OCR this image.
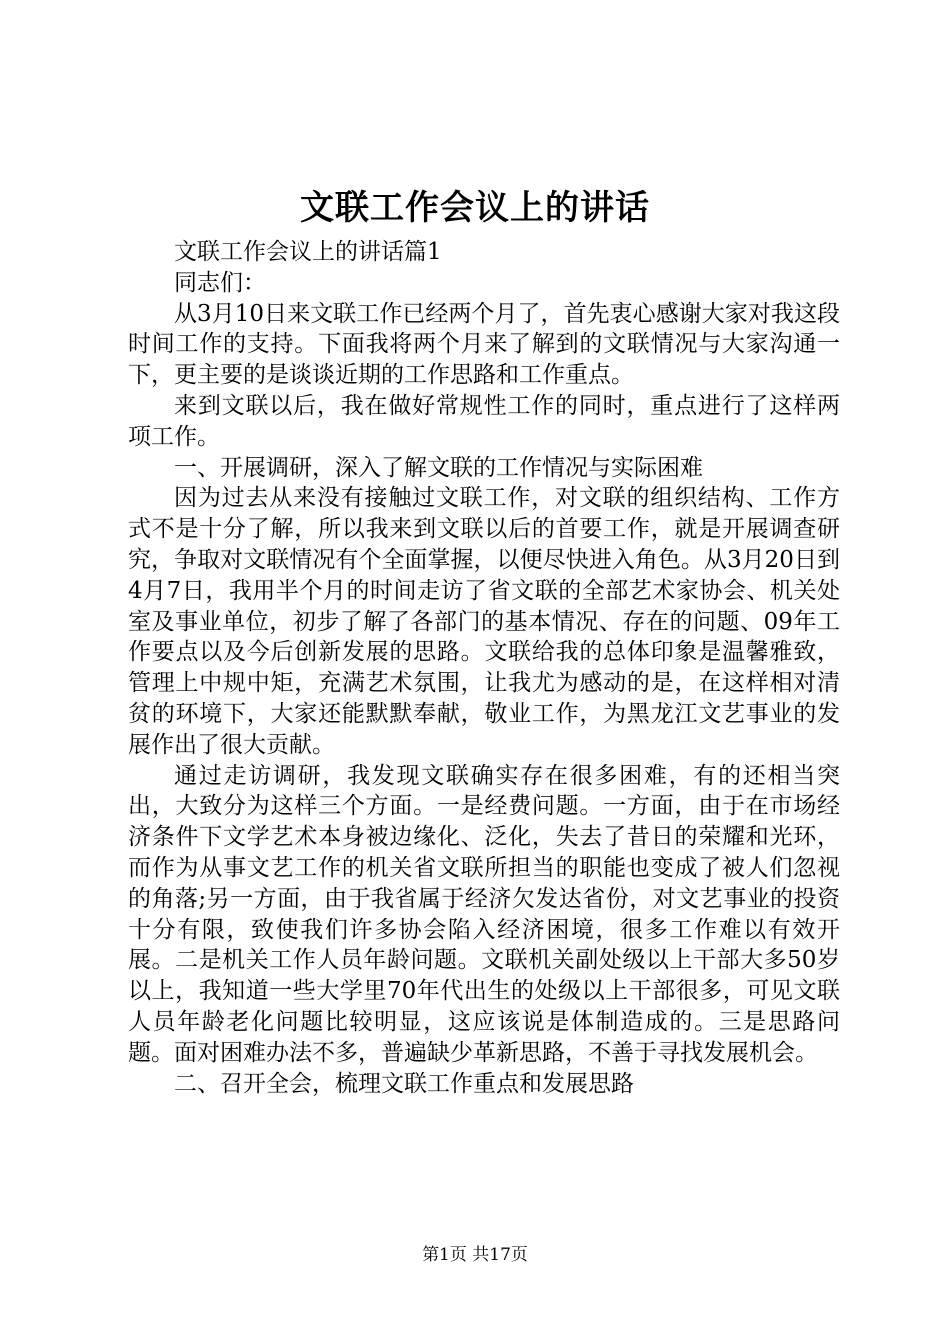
文联工作会议上的讲话

文联工作会议上的讲话篇1

同志们：

从3月10日来文联工作已经两个月了，首先衷心感谢大家对我这段时间工作的支持。下面我将两个月来了解到的文联情况与大家沟通一下，更主要的是谈谈近期的工作思路和工作重点。

来到文联以后，我在做好常规性工作的同时，重点进行了这样两项工作。

一、开展调研，深入了解文联的工作情况与实际困难

因为过去从来没有接触过文联工作，对文联的组织结构、工作方式不是十分了解，所以我来到文联以后的首要工作，就是开展调查研究，争取对文联情况有个全面掌握，以便尽快进入角色。从3月20日到4月7日，我用半个月的时间走访了省文联的全部艺术家协会、机关处室及事业单位，初步了解了各部门的基本情况、存在的问题、09年工作要点以及今后创新发展的思路。文联给我的总体印象是温馨雅致，管理上中规中矩，充满艺术氛围，让我尤为感动的是，在这样相对清贫的环境下，大家还能默默奉献，敬业工作，为黑龙江文艺事业的发展作出了很大贡献。

通过走访调研，我发现文联确实存在很多困难，有的还相当突出，大致分为这样三个方面。一是经费问题。一方面，由于在市场经济条件下文学艺术本身被边缘化、泛化，失去了昔日的荣耀和光环，而作为从事文艺工作的机关省文联所担当的职能也变成了被人们忽视的角落;另一方面，由于我省属于经济欠发达省份，对文艺事业的投资十分有限，致使我们许多协会陷入经济困境，很多工作难以有效开展。二是机关工作人员年龄问题。文联机关副处级以上干部大多50岁以上，我知道一些大学里70年代出生的处级以上干部很多，可见文联人员年龄老化问题比较明显，这应该说是体制造成的。三是思路问题。面对困难办法不多，普遍缺少革新思路，不善于寻找发展机会。

二、召开全会，梳理文联工作重点和发展思路

第1页 共17页
